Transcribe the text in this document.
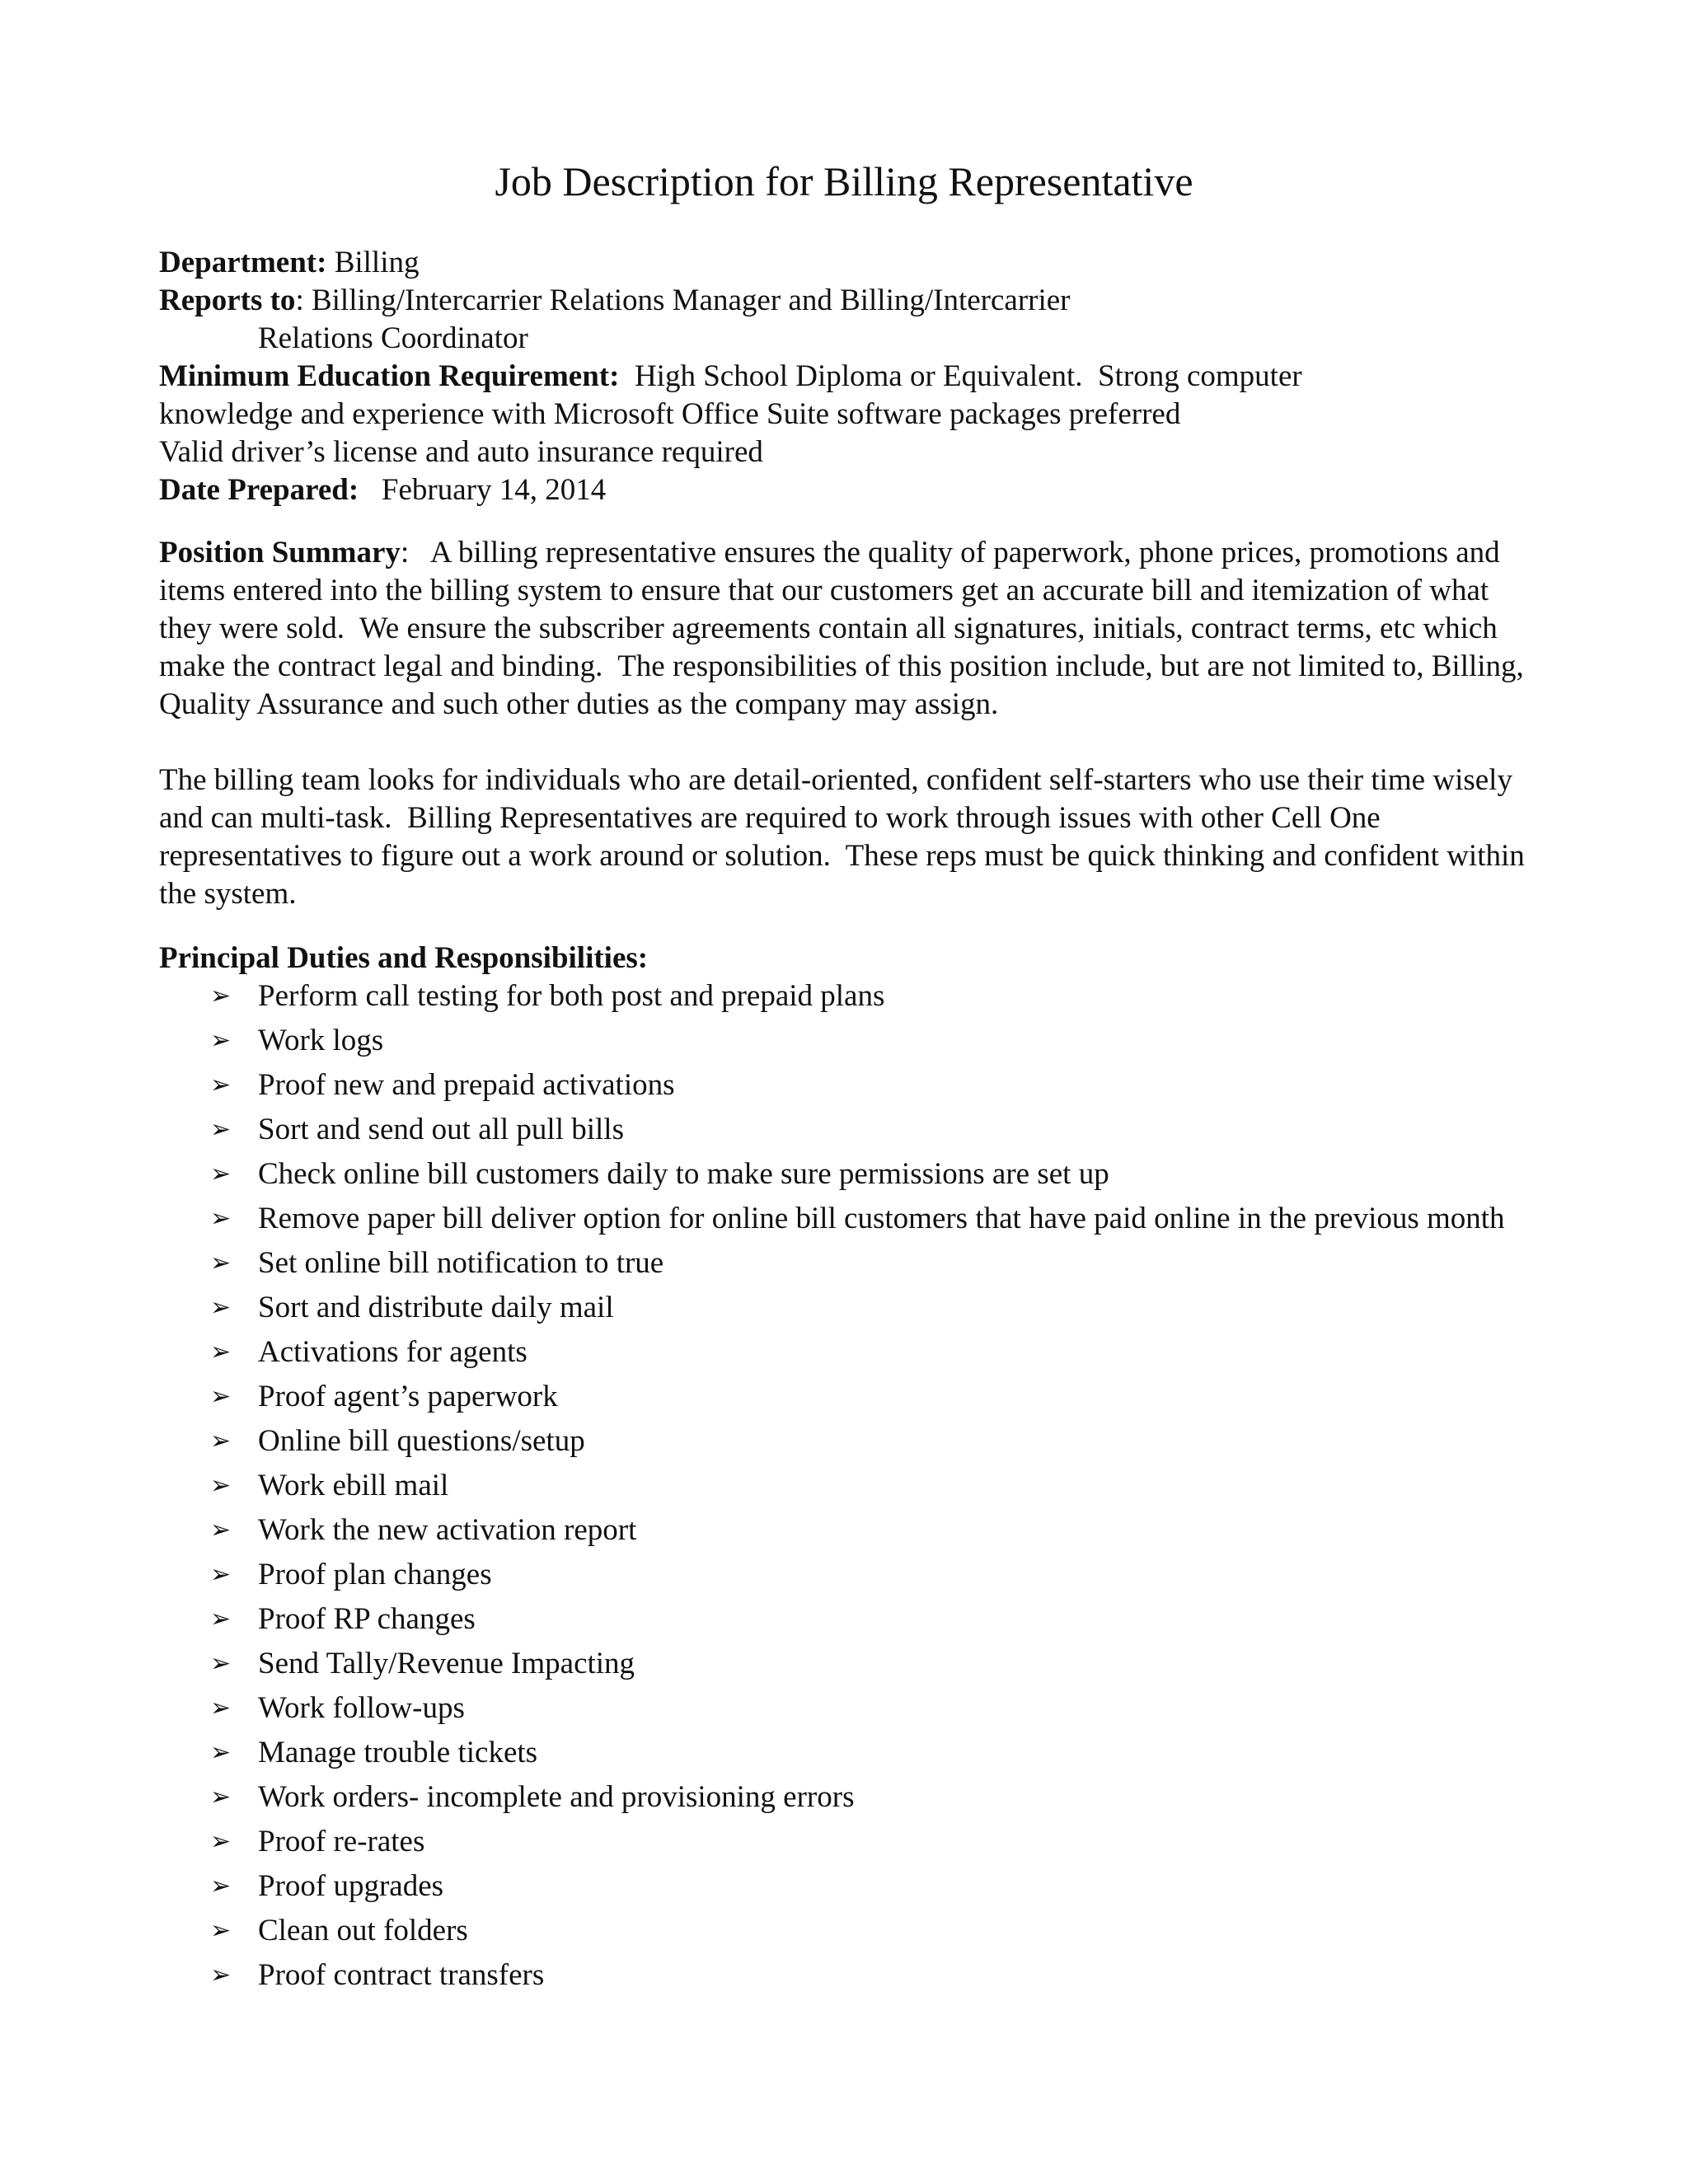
Job Description for Billing Representative

Department: Billing

Reports to: Billing/Intercarrier Relations Manager and Billing/Intercarrier

Relations Coordinator

Minimum Education Requirement:  High School Diploma or Equivalent.  Strong computer

knowledge and experience with Microsoft Office Suite software packages preferred

Valid driver’s license and auto insurance required

Date Prepared:   February 14, 2014

Position Summary:   A billing representative ensures the quality of paperwork, phone prices, promotions and items entered into the billing system to ensure that our customers get an accurate bill and itemization of what they were sold.  We ensure the subscriber agreements contain all signatures, initials, contract terms, etc which make the contract legal and binding.  The responsibilities of this position include, but are not limited to, Billing, Quality Assurance and such other duties as the company may assign.

The billing team looks for individuals who are detail-oriented, confident self-starters who use their time wisely and can multi-task.  Billing Representatives are required to work through issues with other Cell One representatives to figure out a work around or solution.  These reps must be quick thinking and confident within the system.

Principal Duties and Responsibilities:

➢ Perform call testing for both post and prepaid plans
➢ Work logs
➢ Proof new and prepaid activations
➢ Sort and send out all pull bills
➢ Check online bill customers daily to make sure permissions are set up
➢ Remove paper bill deliver option for online bill customers that have paid online in the previous month
➢ Set online bill notification to true
➢ Sort and distribute daily mail
➢ Activations for agents
➢ Proof agent’s paperwork
➢ Online bill questions/setup
➢ Work ebill mail
➢ Work the new activation report
➢ Proof plan changes
➢ Proof RP changes
➢ Send Tally/Revenue Impacting
➢ Work follow-ups
➢ Manage trouble tickets
➢ Work orders- incomplete and provisioning errors
➢ Proof re-rates
➢ Proof upgrades
➢ Clean out folders
➢ Proof contract transfers
